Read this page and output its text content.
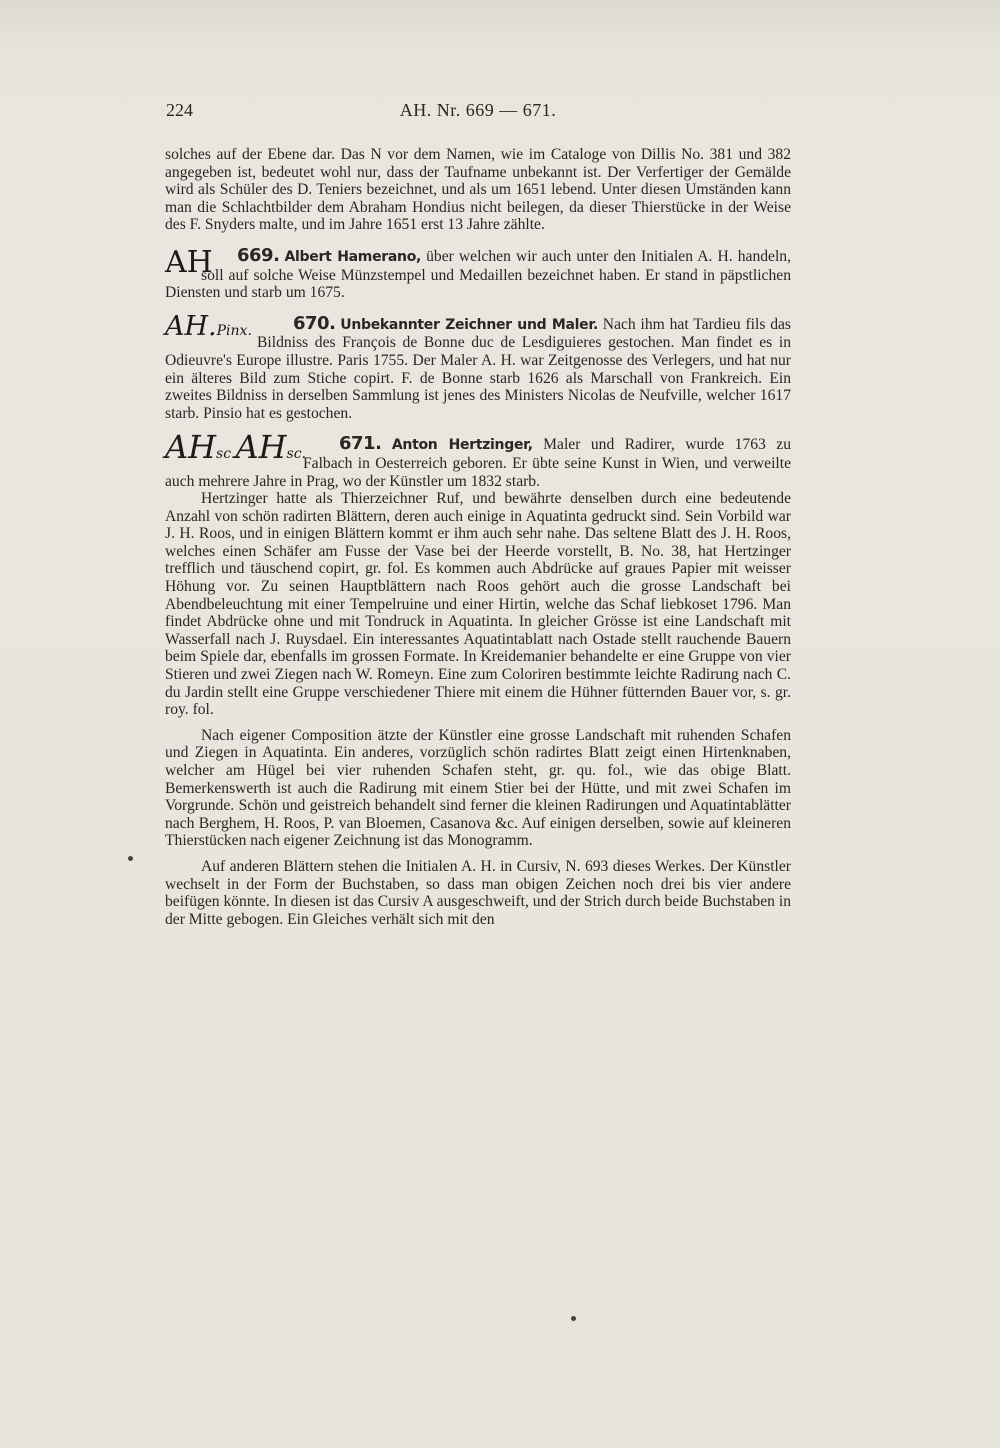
224	AH. Nr. 669 — 671.

solches auf der Ebene dar. Das N vor dem Namen, wie im Cataloge von Dillis No. 381 und 382 angegeben ist, bedeutet wohl nur, dass der Taufname unbekannt ist. Der Verfertiger der Gemälde wird als Schüler des D. Teniers bezeichnet, und als um 1651 lebend. Unter diesen Umständen kann man die Schlachtbilder dem Abraham Hondius nicht beilegen, da dieser Thierstücke in der Weise des F. Snyders malte, und im Jahre 1651 erst 13 Jahre zählte.

669. Albert Hamerano,
AH	über welchen wir auch unter den Initialen A. H. handeln, soll auf solche Weise Münzstempel und Medaillen bezeichnet haben. Er stand in päpstlichen Diensten und starb um 1675.

670. Unbekannter Zeichner und Maler.
AH.Pinx.	Nach ihm hat Tardieu fils das Bildniss des François de Bonne duc de Lesdiguieres gestochen. Man findet es in Odieuvre's Europe illustre. Paris 1755. Der Maler A. H. war Zeitgenosse des Verlegers, und hat nur ein älteres Bild zum Stiche copirt. F. de Bonne starb 1626 als Marschall von Frankreich. Ein zweites Bildniss in derselben Sammlung ist jenes des Ministers Nicolas de Neufville, welcher 1617 starb. Pinsio hat es gestochen.

671. Anton Hertzinger,
AHsc.AHsc.
Maler und Radirer, wurde 1763 zu Falbach in Oesterreich geboren. Er übte seine Kunst in Wien, und verweilte auch mehrere Jahre in Prag, wo der Künstler um 1832 starb.

Hertzinger hatte als Thierzeichner Ruf, und bewährte denselben durch eine bedeutende Anzahl von schön radirten Blättern, deren auch einige in Aquatinta gedruckt sind. Sein Vorbild war J. H. Roos, und in einigen Blättern kommt er ihm auch sehr nahe. Das seltene Blatt des J. H. Roos, welches einen Schäfer am Fusse der Vase bei der Heerde vorstellt, B. No. 38, hat Hertzinger trefflich und täuschend copirt, gr. fol. Es kommen auch Abdrücke auf graues Papier mit weisser Höhung vor. Zu seinen Hauptblättern nach Roos gehört auch die grosse Landschaft bei Abendbeleuchtung mit einer Tempelruine und einer Hirtin, welche das Schaf liebkoset 1796. Man findet Abdrücke ohne und mit Tondruck in Aquatinta. In gleicher Grösse ist eine Landschaft mit Wasserfall nach J. Ruysdael. Ein interessantes Aquatintablatt nach Ostade stellt rauchende Bauern beim Spiele dar, ebenfalls im grossen Formate. In Kreidemanier behandelte er eine Gruppe von vier Stieren und zwei Ziegen nach W. Romeyn. Eine zum Coloriren bestimmte leichte Radirung nach C. du Jardin stellt eine Gruppe verschiedener Thiere mit einem die Hühner fütternden Bauer vor, s. gr. roy. fol.

Nach eigener Composition ätzte der Künstler eine grosse Landschaft mit ruhenden Schafen und Ziegen in Aquatinta. Ein anderes, vorzüglich schön radirtes Blatt zeigt einen Hirtenknaben, welcher am Hügel bei vier ruhenden Schafen steht, gr. qu. fol., wie das obige Blatt. Bemerkenswerth ist auch die Radirung mit einem Stier bei der Hütte, und mit zwei Schafen im Vorgrunde. Schön und geistreich behandelt sind ferner die kleinen Radirungen und Aquatintablätter nach Berghem, H. Roos, P. van Bloemen, Casanova &c. Auf einigen derselben, sowie auf kleineren Thierstücken nach eigener Zeichnung ist das Monogramm.

Auf anderen Blättern stehen die Initialen A. H. in Cursiv, N. 693 dieses Werkes. Der Künstler wechselt in der Form der Buchstaben, so dass man obigen Zeichen noch drei bis vier andere beifügen könnte. In diesen ist das Cursiv A ausgeschweift, und der Strich durch beide Buchstaben in der Mitte gebogen. Ein Gleiches verhält sich mit den
